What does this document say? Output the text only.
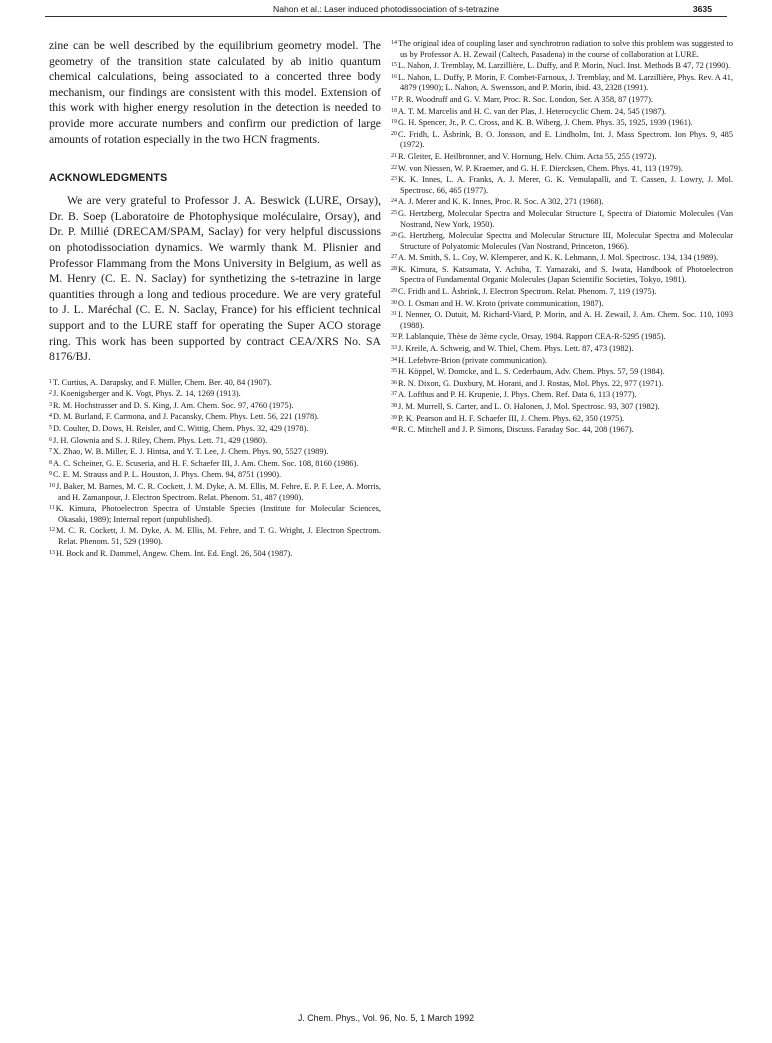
Nahon et al.: Laser induced photodissociation of s-tetrazine	3635

zine can be well described by the equilibrium geometry model. The geometry of the transition state calculated by ab initio quantum chemical calculations, being associated to a concerted three body mechanism, our findings are consistent with this model. Extension of this work with higher energy resolution in the detection is needed to provide more accurate numbers and confirm our prediction of large amounts of rotation especially in the two HCN fragments.

ACKNOWLEDGMENTS

We are very grateful to Professor J. A. Beswick (LURE, Orsay), Dr. B. Soep (Laboratoire de Photophysique moléculaire, Orsay), and Dr. P. Millié (DRECAM/SPAM, Saclay) for very helpful discussions on photodissociation dynamics. We warmly thank M. Plisnier and Professor Flammang from the Mons University in Belgium, as well as M. Henry (C. E. N. Saclay) for synthetizing the s-tetrazine in large quantities through a long and tedious procedure. We are very grateful to J. L. Maréchal (C. E. N. Saclay, France) for his efficient technical support and to the LURE staff for operating the Super ACO storage ring. This work has been supported by contract CEA/XRS No. SA 8176/BJ.

$^1$T. Curtius, A. Darapsky, and F. Müller, Chem. Ber. 40, 84 (1907).

$^2$J. Koenigsberger and K. Vogt, Phys. Z. 14, 1269 (1913).

$^3$R. M. Hochstrasser and D. S. King, J. Am. Chem. Soc. 97, 4760 (1975).

$^4$D. M. Burland, F. Carmona, and J. Pacansky, Chem. Phys. Lett. 56, 221 (1978).

$^5$D. Coulter, D. Dows, H. Reisler, and C. Wittig, Chem. Phys. 32, 429 (1978).

$^6$J. H. Glownia and S. J. Riley, Chem. Phys. Lett. 71, 429 (1980).

$^7$X. Zhao, W. B. Miller, E. J. Hintsa, and Y. T. Lee, J. Chem. Phys. 90, 5527 (1989).

$^8$A. C. Scheiner, G. E. Scuseria, and H. F. Schaefer III, J. Am. Chem. Soc. 108, 8160 (1986).

$^9$C. E. M. Strauss and P. L. Houston, J. Phys. Chem. 94, 8751 (1990).

$^{10}$J. Baker, M. Barnes, M. C. R. Cockett, J. M. Dyke, A. M. Ellis, M. Fehre, E. P. F. Lee, A. Morris, and H. Zamanpour, J. Electron Spectrom. Relat. Phenom. 51, 487 (1990).

$^{11}$K. Kimura, Photoelectron Spectra of Unstable Species (Institute for Molecular Sciences, Okasaki, 1989); Internal report (unpublished).

$^{12}$M. C. R. Cockett, J. M. Dyke, A. M. Ellis, M. Fehre, and T. G. Wright, J. Electron Spectrom. Relat. Phenom. 51, 529 (1990).

$^{13}$H. Bock and R. Dammel, Angew. Chem. Int. Ed. Engl. 26, 504 (1987).

$^{14}$The original idea of coupling laser and synchrotron radiation to solve this problem was suggested to us by Professor A. H. Zewail (Caltech, Pasadena) in the course of collaboration at LURE.

$^{15}$L. Nahon, J. Tremblay, M. Larzillière, L. Duffy, and P. Morin, Nucl. Inst. Methods B 47, 72 (1990).

$^{16}$L. Nahon, L. Duffy, P. Morin, F. Combet-Farnoux, J. Tremblay, and M. Larzillière, Phys. Rev. A 41, 4879 (1990); L. Nahon, A. Swensson, and P. Morin, ibid. 43, 2328 (1991).

$^{17}$P. R. Woodruff and G. V. Marr, Proc. R. Soc. London, Ser. A 358, 87 (1977).

$^{18}$A. T. M. Marcelis and H. C. van der Plas, J. Heterocyclic Chem. 24, 545 (1987).

$^{19}$G. H. Spencer, Jr., P. C. Cross, and K. B. Wiberg, J. Chem. Phys. 35, 1925, 1939 (1961).

$^{20}$C. Fridh, L. Åsbrink, B. O. Jonsson, and E. Lindholm, Int. J. Mass Spectrom. Ion Phys. 9, 485 (1972).

$^{21}$R. Gleiter, E. Heilbronner, and V. Hornung, Helv. Chim. Acta 55, 255 (1972).

$^{22}$W. von Niessen, W. P. Kraemer, and G. H. F. Diercksen, Chem. Phys. 41, 113 (1979).

$^{23}$K. K. Innes, L. A. Franks, A. J. Merer, G. K. Vemulapalli, and T. Cassen, J. Lowry, J. Mol. Spectrosc. 66, 465 (1977).

$^{24}$A. J. Merer and K. K. Innes, Proc. R. Soc. A 302, 271 (1968).

$^{25}$G. Hertzberg, Molecular Spectra and Molecular Structure I, Spectra of Diatomic Molecules (Van Nostrand, New York, 1950).

$^{26}$G. Hertzberg, Molecular Spectra and Molecular Structure III, Molecular Spectra and Molecular Structure of Polyatomic Molecules (Van Nostrand, Princeton, 1966).

$^{27}$A. M. Smith, S. L. Coy, W. Klemperer, and K. K. Lehmann, J. Mol. Spectrosc. 134, 134 (1989).

$^{28}$K. Kimura, S. Katsumata, Y. Achiba, T. Yamazaki, and S. Iwata, Handbook of Photoelectron Spectra of Fundamental Organic Molecules (Japan Scientific Societies, Tokyo, 1981).

$^{29}$C. Fridh and L. Åsbrink, J. Electron Spectrom. Relat. Phenom. 7, 119 (1975).

$^{30}$O. I. Osman and H. W. Kroto (private communication, 1987).

$^{31}$I. Nenner, O. Dutuit, M. Richard-Viard, P. Morin, and A. H. Zewail, J. Am. Chem. Soc. 110, 1093 (1988).

$^{32}$P. Lablanquie, Thèse de 3ème cycle, Orsay, 1984. Rapport CEA-R-5295 (1985).

$^{33}$J. Kreile, A. Schweig, and W. Thiel, Chem. Phys. Lett. 87, 473 (1982).

$^{34}$H. Lefebvre-Brion (private communication).

$^{35}$H. Köppel, W. Domcke, and L. S. Cederbaum, Adv. Chem. Phys. 57, 59 (1984).

$^{36}$R. N. Dixon, G. Duxbury, M. Horani, and J. Rostas, Mol. Phys. 22, 977 (1971).

$^{37}$A. Lofthus and P. H. Krupenie, J. Phys. Chem. Ref. Data 6, 113 (1977).

$^{38}$J. M. Murrell, S. Carter, and L. O. Halonen, J. Mol. Spectrosc. 93, 307 (1982).

$^{39}$P. K. Pearson and H. F. Schaefer III, J. Chem. Phys. 62, 350 (1975).

$^{40}$R. C. Mitchell and J. P. Simons, Discuss. Faraday Soc. 44, 208 (1967).

J. Chem. Phys., Vol. 96, No. 5, 1 March 1992
